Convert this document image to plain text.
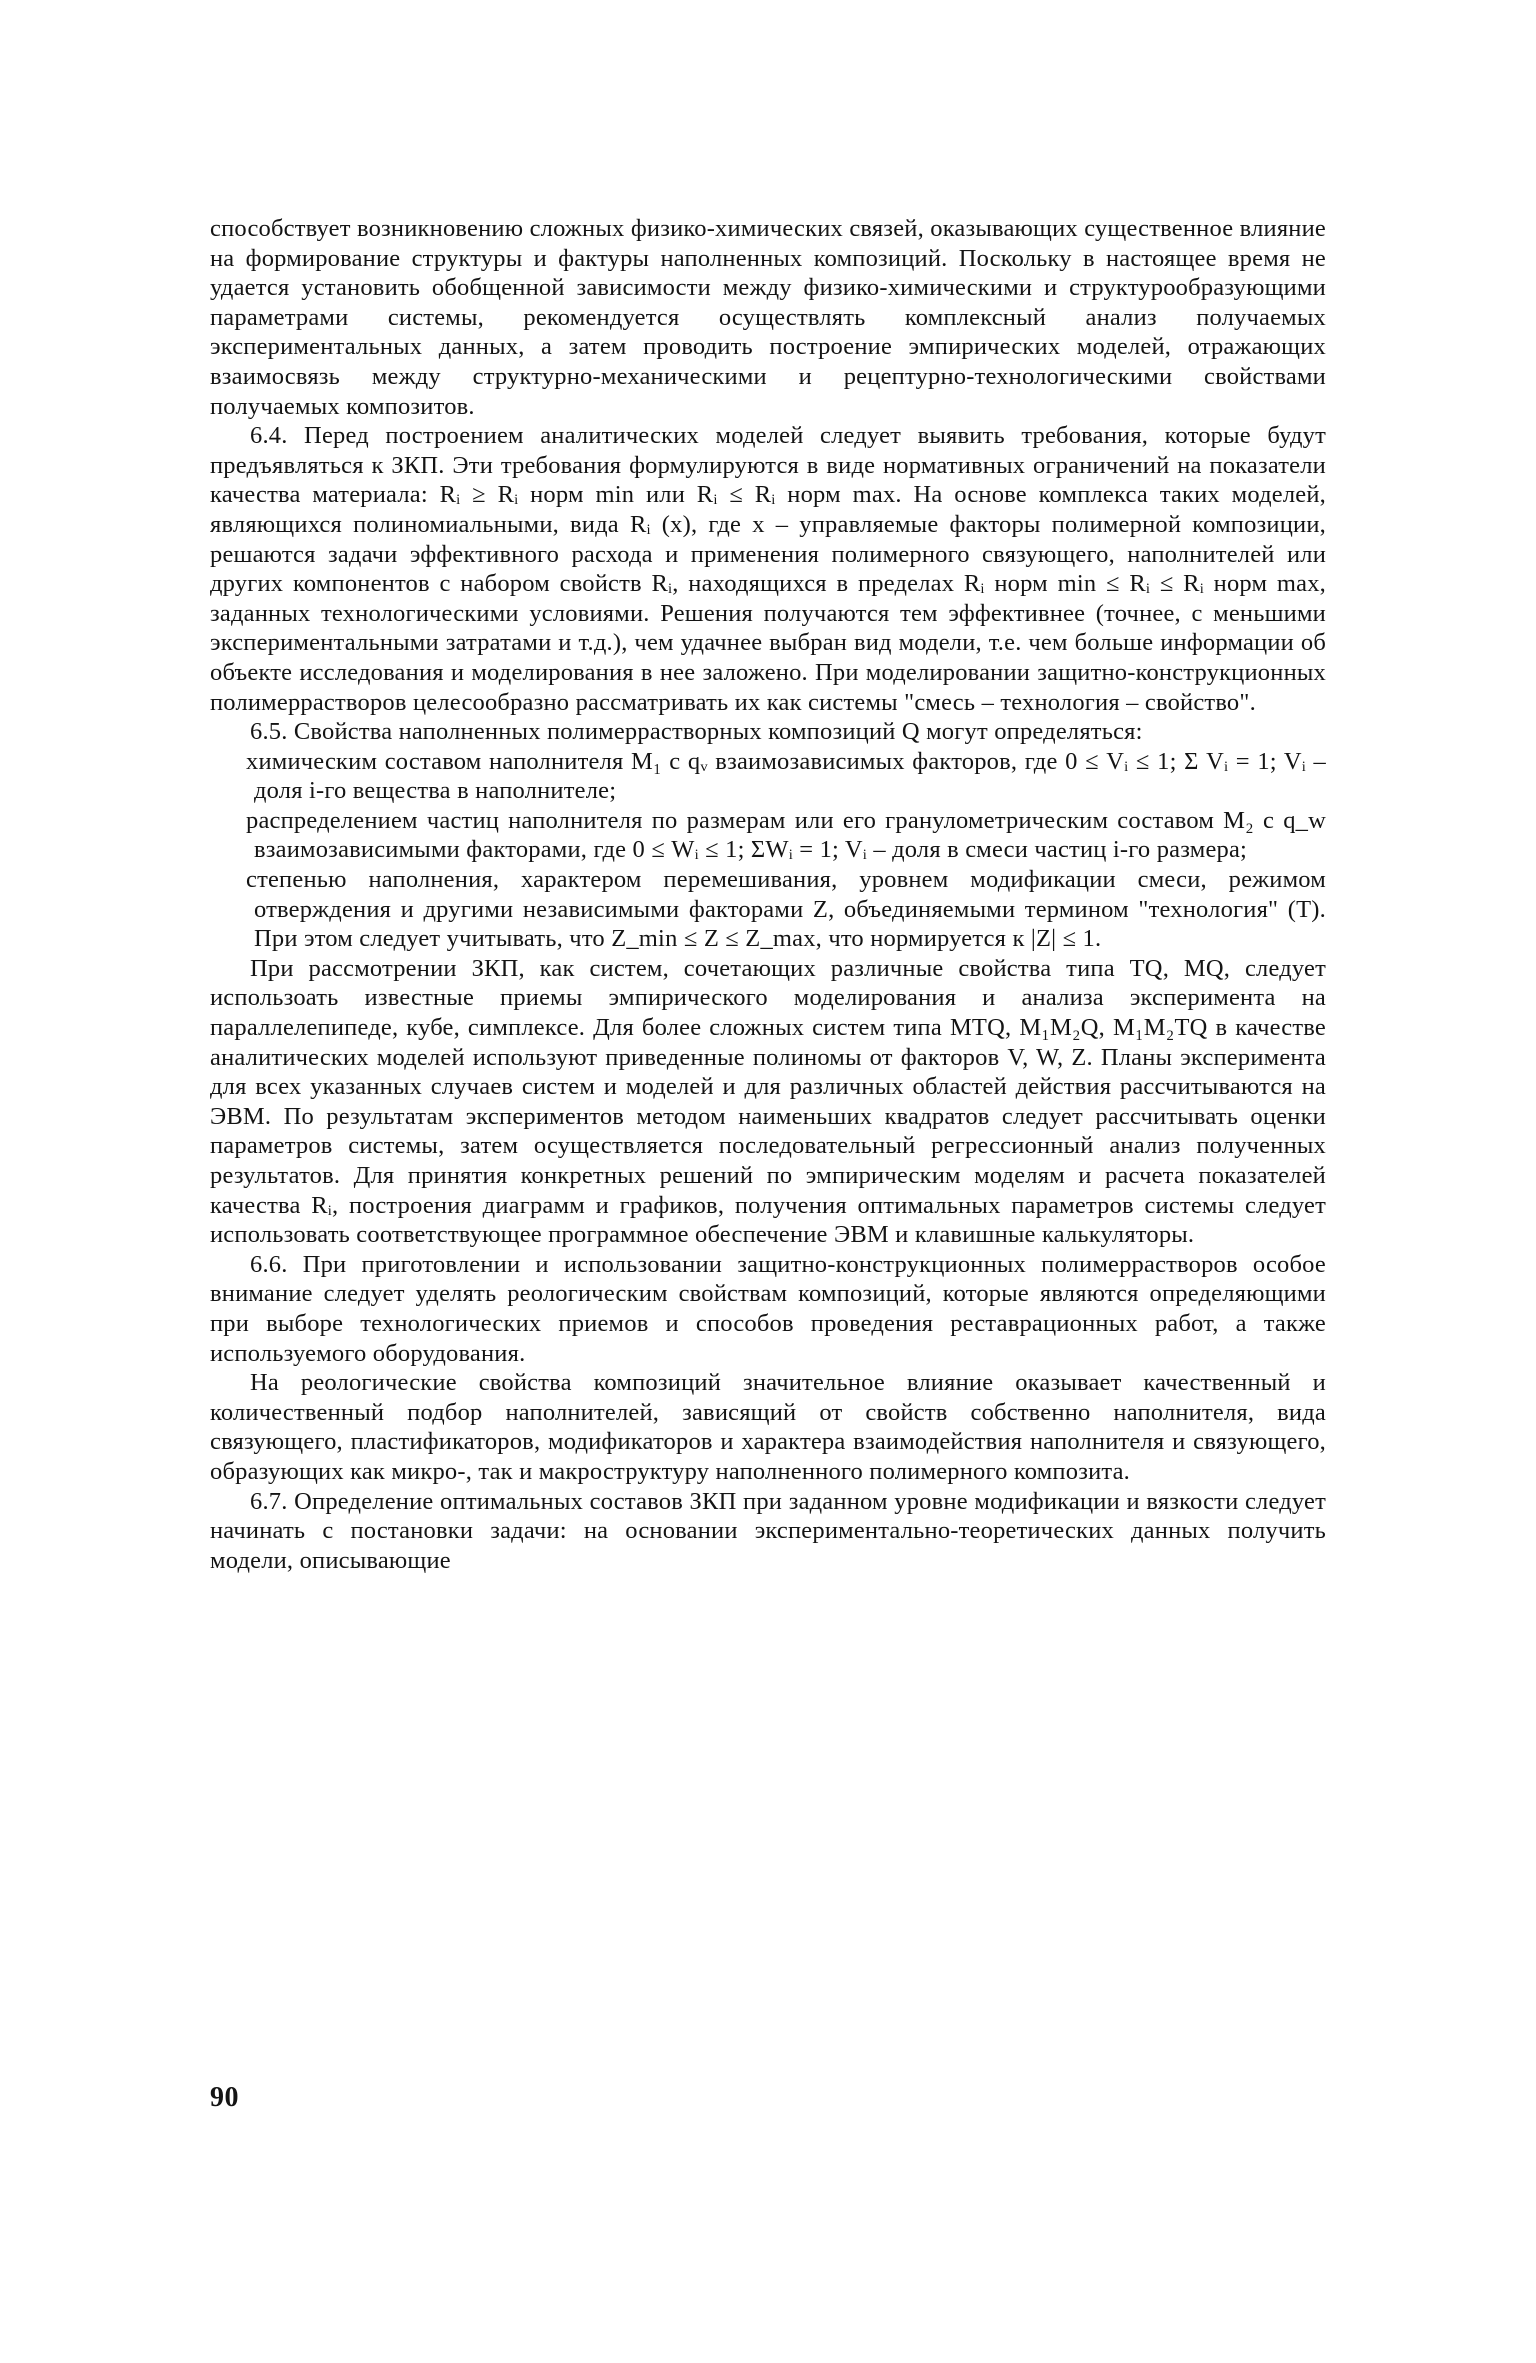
способствует возникновению сложных физико-химических связей, оказывающих существенное влияние на формирование структуры и фактуры наполненных композиций. Поскольку в настоящее время не удается установить обобщенной зависимости между физико-химическими и структурообразующими параметрами системы, рекомендуется осуществлять комплексный анализ получаемых экспериментальных данных, а затем проводить построение эмпирических моделей, отражающих взаимосвязь между структурно-механическими и рецептурно-технологическими свойствами получаемых композитов.

6.4. Перед построением аналитических моделей следует выявить требования, которые будут предъявляться к ЗКП. Эти требования формулируются в виде нормативных ограничений на показатели качества материала: Rᵢ ≥ Rᵢ норм min или Rᵢ ≤ Rᵢ норм max. На основе комплекса таких моделей, являющихся полиномиальными, вида Rᵢ (x), где x – управляемые факторы полимерной композиции, решаются задачи эффективного расхода и применения полимерного связующего, наполнителей или других компонентов с набором свойств Rᵢ, находящихся в пределах Rᵢ норм min ≤ Rᵢ ≤ Rᵢ норм max, заданных технологическими условиями. Решения получаются тем эффективнее (точнее, с меньшими экспериментальными затратами и т.д.), чем удачнее выбран вид модели, т.е. чем больше информации об объекте исследования и моделирования в нее заложено. При моделировании защитно-конструкционных полимеррастворов целесообразно рассматривать их как системы "смесь – технология – свойство".

6.5. Свойства наполненных полимеррастворных композиций Q могут определяться:

химическим составом наполнителя M₁ с qᵥ взаимозависимых факторов, где 0 ≤ Vᵢ ≤ 1; Σ Vᵢ = 1; Vᵢ – доля i-го вещества в наполнителе;

распределением частиц наполнителя по размерам или его гранулометрическим составом M₂ с q_w взаимозависимыми факторами, где 0 ≤ Wᵢ ≤ 1; ΣWᵢ = 1; Vᵢ – доля в смеси частиц i-го размера;

степенью наполнения, характером перемешивания, уровнем модификации смеси, режимом отверждения и другими независимыми факторами Z, объединяемыми термином "технология" (Т). При этом следует учитывать, что Z_min ≤ Z ≤ Z_max, что нормируется к |Z| ≤ 1.

При рассмотрении ЗКП, как систем, сочетающих различные свойства типа TQ, MQ, следует использоать известные приемы эмпирического моделирования и анализа эксперимента на параллелепипеде, кубе, симплексе. Для более сложных систем типа MTQ, M₁M₂Q, M₁M₂TQ в качестве аналитических моделей используют приведенные полиномы от факторов V, W, Z. Планы эксперимента для всех указанных случаев систем и моделей и для различных областей действия рассчитываются на ЭВМ. По результатам экспериментов методом наименьших квадратов следует рассчитывать оценки параметров системы, затем осуществляется последовательный регрессионный анализ полученных результатов. Для принятия конкретных решений по эмпирическим моделям и расчета показателей качества Rᵢ, построения диаграмм и графиков, получения оптимальных параметров системы следует использовать соответствующее программное обеспечение ЭВМ и клавишные калькуляторы.

6.6. При приготовлении и использовании защитно-конструкционных полимеррастворов особое внимание следует уделять реологическим свойствам композиций, которые являются определяющими при выборе технологических приемов и способов проведения реставрационных работ, а также используемого оборудования.

На реологические свойства композиций значительное влияние оказывает качественный и количественный подбор наполнителей, зависящий от свойств собственно наполнителя, вида связующего, пластификаторов, модификаторов и характера взаимодействия наполнителя и связующего, образующих как микро-, так и макроструктуру наполненного полимерного композита.

6.7. Определение оптимальных составов ЗКП при заданном уровне модификации и вязкости следует начинать с постановки задачи: на основании экспериментально-теоретических данных получить модели, описывающие

90
